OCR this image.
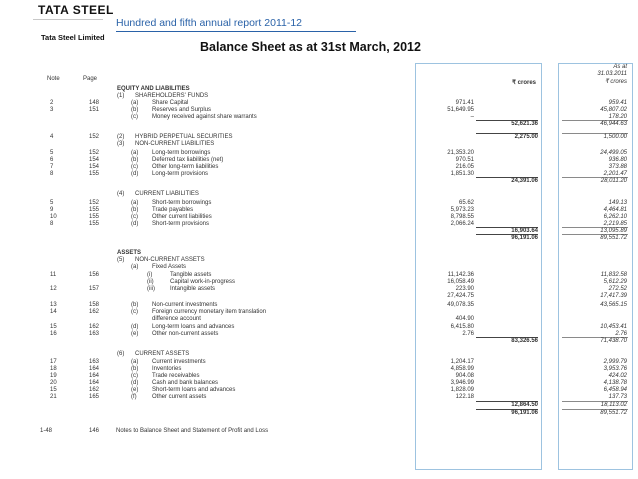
TATA STEEL
Hundred and fifth annual report 2011-12
Tata Steel Limited
Balance Sheet as at 31st March, 2012
As at
31.03.2011
₹ crores
Note	Page
₹ crores
EQUITY AND LIABILITIES
(1) SHAREHOLDERS' FUNDS
2	148	(a) Share Capital	971.41	959.41
3	151	(b) Reserves and Surplus	51,649.95	45,807.02
(c) Money received against share warrants	–	178.20
52,621.36	46,944.63
4	152	(2) HYBRID PERPETUAL SECURITIES	2,275.00	1,500.00
(3) NON-CURRENT LIABILITIES
5	152	(a) Long-term borrowings	21,353.20	24,499.05
6	154	(b) Deferred tax liabilities (net)	970.51	936.80
7	154	(c) Other long-term liabilities	216.05	373.88
8	155	(d) Long-term provisions	1,851.30	2,201.47
24,391.06	28,011.20
(4) CURRENT LIABILITIES
5	152	(a) Short-term borrowings	65.62	149.13
9	155	(b) Trade payables	5,973.23	4,464.81
10	155	(c) Other current liabilities	8,798.55	6,262.10
8	155	(d) Short-term provisions	2,066.24	2,219.85
16,903.64	13,095.89
96,191.06	89,551.72
ASSETS
(5) NON-CURRENT ASSETS
(a) Fixed Assets
11	156	(i)	Tangible assets	11,142.36	11,832.58
(ii)	Capital work-in-progress	16,058.49	5,612.29
12	157	(iii)	Intangible assets	223.90	272.52
27,424.75	17,417.39
13	158	(b) Non-current investments	49,078.35	43,565.15
14	162	(c) Foreign currency monetary item translation
difference account	404.90
15	162	(d) Long-term loans and advances	6,415.80	10,453.41
16	163	(e) Other non-current assets	2.76	2.76
83,326.56	71,438.70
(6) CURRENT ASSETS
17	163	(a) Current investments	1,204.17	2,999.79
18	164	(b) Inventories	4,858.99	3,953.76
19	164	(c) Trade receivables	904.08	424.02
20	164	(d) Cash and bank balances	3,946.99	4,138.78
15	162	(e) Short-term loans and advances	1,828.09	6,458.94
21	165	(f)	Other current assets	122.18	137.73
12,864.50	18,113.02
96,191.06	89,551.72
1-48	146	Notes to Balance Sheet and Statement of Profit and Loss
